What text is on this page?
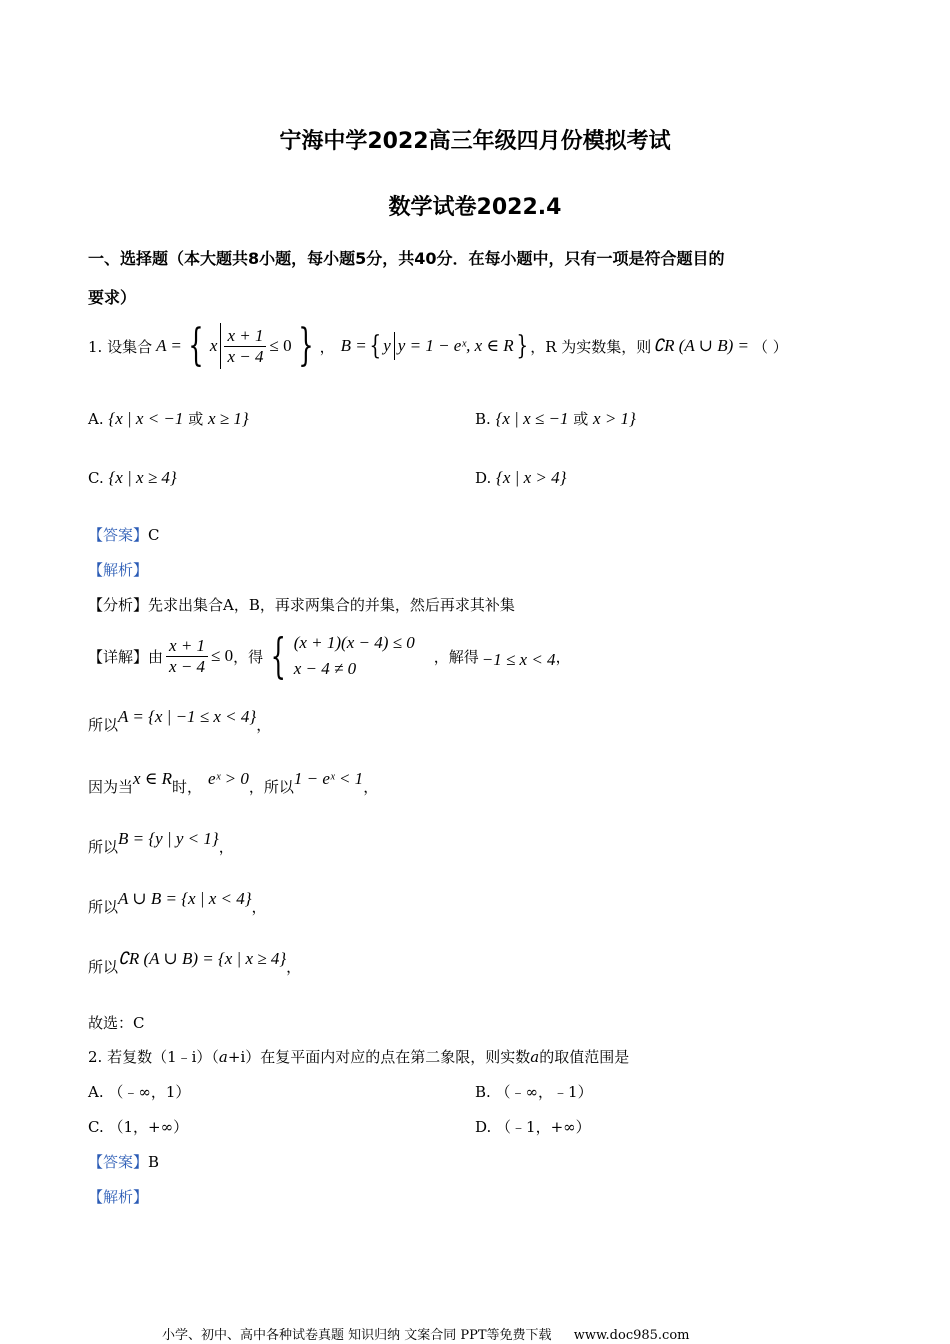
宁海中学2022高三年级四月份模拟考试
数学试卷2022.4
一、选择题（本大题共8小题，每小题5分，共40分．在每小题中，只有一项是符合题目的
要求）
1. 设集合 A = { x $\frac{x + 1}{x - 4} \le 0$ } ， B = { y y = 1 − eˣ, x ∈ R } ，R 为实数集，则 ∁R (A ∪ B) = （ ）
A. {x | x < −1 或 x ≥ 1}	B. {x | x ≤ −1 或 x > 1}
C. {x | x ≥ 4}	D. {x | x > 4}
【答案】C
【解析】
【分析】先求出集合A，B，再求两集合的并集，然后再求其补集
【详解】 由 $\frac{x + 1}{x - 4} \le 0$ ，得 { (x + 1)(x − 4) ≤ 0
x − 4 ≠ 0
，解得 −1 ≤ x < 4 ，
所以A = {x | −1 ≤ x < 4}，
因为当x ∈ R时， eˣ > 0，所以1 − eˣ < 1，
所以B = {y | y < 1}，
所以A ∪ B = {x | x < 4}，
所以∁R (A ∪ B) = {x | x ≥ 4}，
故选：C
2. 若复数（1﹣i）（a+i）在复平面内对应的点在第二象限，则实数a的取值范围是
A. （﹣∞，1）	B. （﹣∞，﹣1）
C. （1，+∞）	D. （﹣1，+∞）
【答案】B
【解析】
小学、初中、高中各种试卷真题 知识归纳 文案合同 PPT等免费下载 www.doc985.com
